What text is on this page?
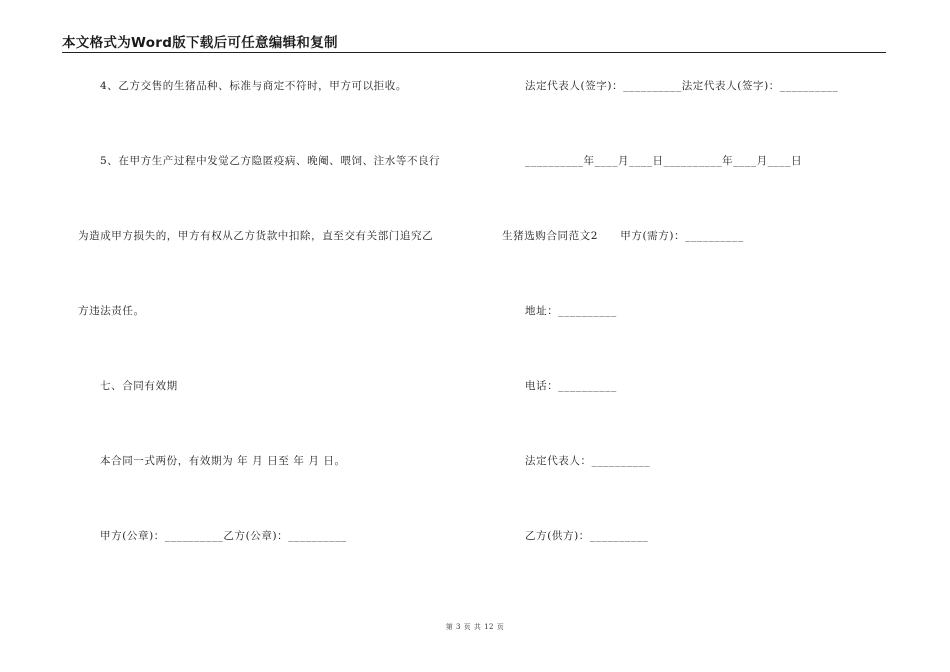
本文格式为Word版下载后可任意编辑和复制
4、乙方交售的生猪品种、标准与商定不符时，甲方可以拒收。
5、在甲方生产过程中发觉乙方隐匿疫病、晚阉、喂饲、注水等不良行
为造成甲方损失的，甲方有权从乙方货款中扣除，直至交有关部门追究乙
方违法责任。
七、合同有效期
本合同一式两份，有效期为 年 月 日至 年 月 日。
甲方(公章)：__________乙方(公章)：__________
法定代表人(签字)：__________法定代表人(签字)：__________
__________年____月____日__________年____月____日
生猪选购合同范文2　　甲方(需方)：__________
地址：__________
电话：__________
法定代表人：__________
乙方(供方)：__________
第 3 页 共 12 页
